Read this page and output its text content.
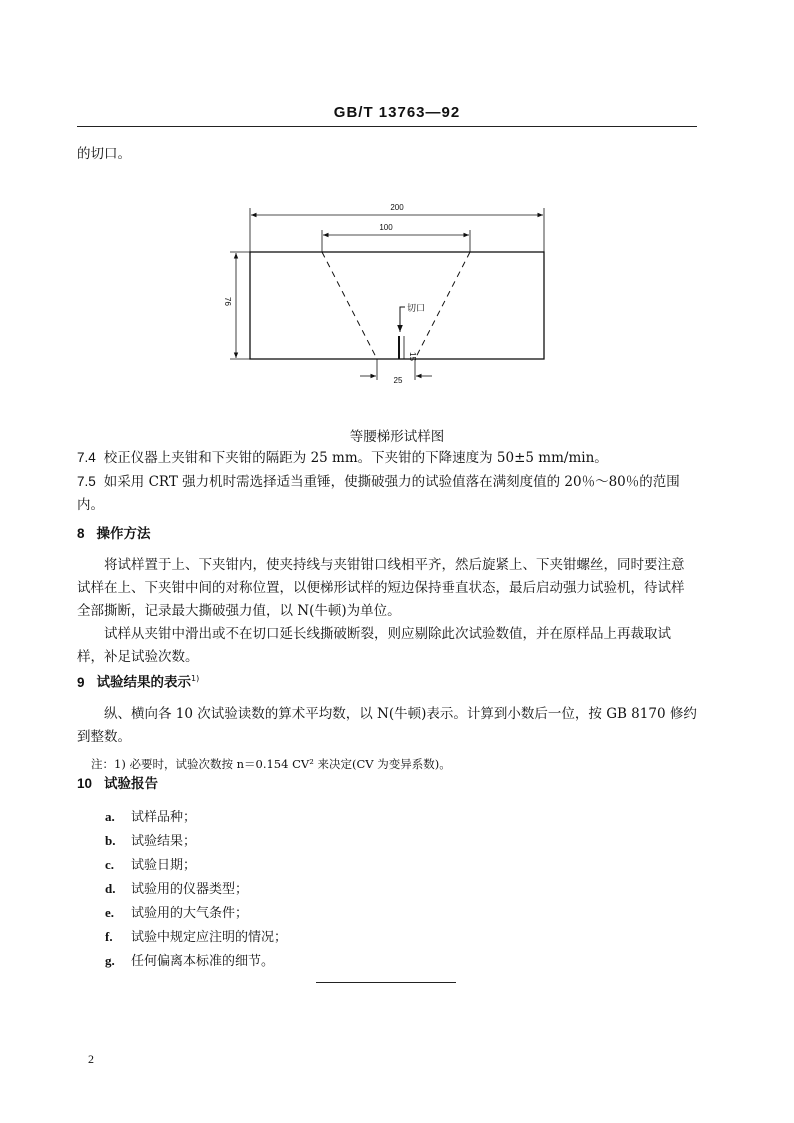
GB/T 13763—92

的切口。

切口
15
200
100
76
25
等腰梯形试样图

7.4 校正仪器上夹钳和下夹钳的隔距为 25 mm。下夹钳的下降速度为 50±5 mm/min。

7.5 如采用 CRT 强力机时需选择适当重锤，使撕破强力的试验值落在满刻度值的 20％～80％的范围

内。

8 操作方法

将试样置于上、下夹钳内，使夹持线与夹钳钳口线相平齐，然后旋紧上、下夹钳螺丝，同时要注意试样在上、下夹钳中间的对称位置，以便梯形试样的短边保持垂直状态，最后启动强力试验机，待试样全部撕断，记录最大撕破强力值，以 N(牛顿)为单位。

试样从夹钳中滑出或不在切口延长线撕破断裂，则应剔除此次试验数值，并在原样品上再裁取试样，补足试验次数。

9 试验结果的表示$^{1)}$

纵、横向各 10 次试验读数的算术平均数，以 N(牛顿)表示。计算到小数后一位，按 GB 8170 修约到整数。

注：1) 必要时，试验次数按 n＝0.154 CV² 来决定(CV 为变异系数)。

10 试验报告

a. 试样品种；

b. 试验结果；

c. 试验日期；

d. 试验用的仪器类型；

e. 试验用的大气条件；

f. 试验中规定应注明的情况；

g. 任何偏离本标准的细节。

2
